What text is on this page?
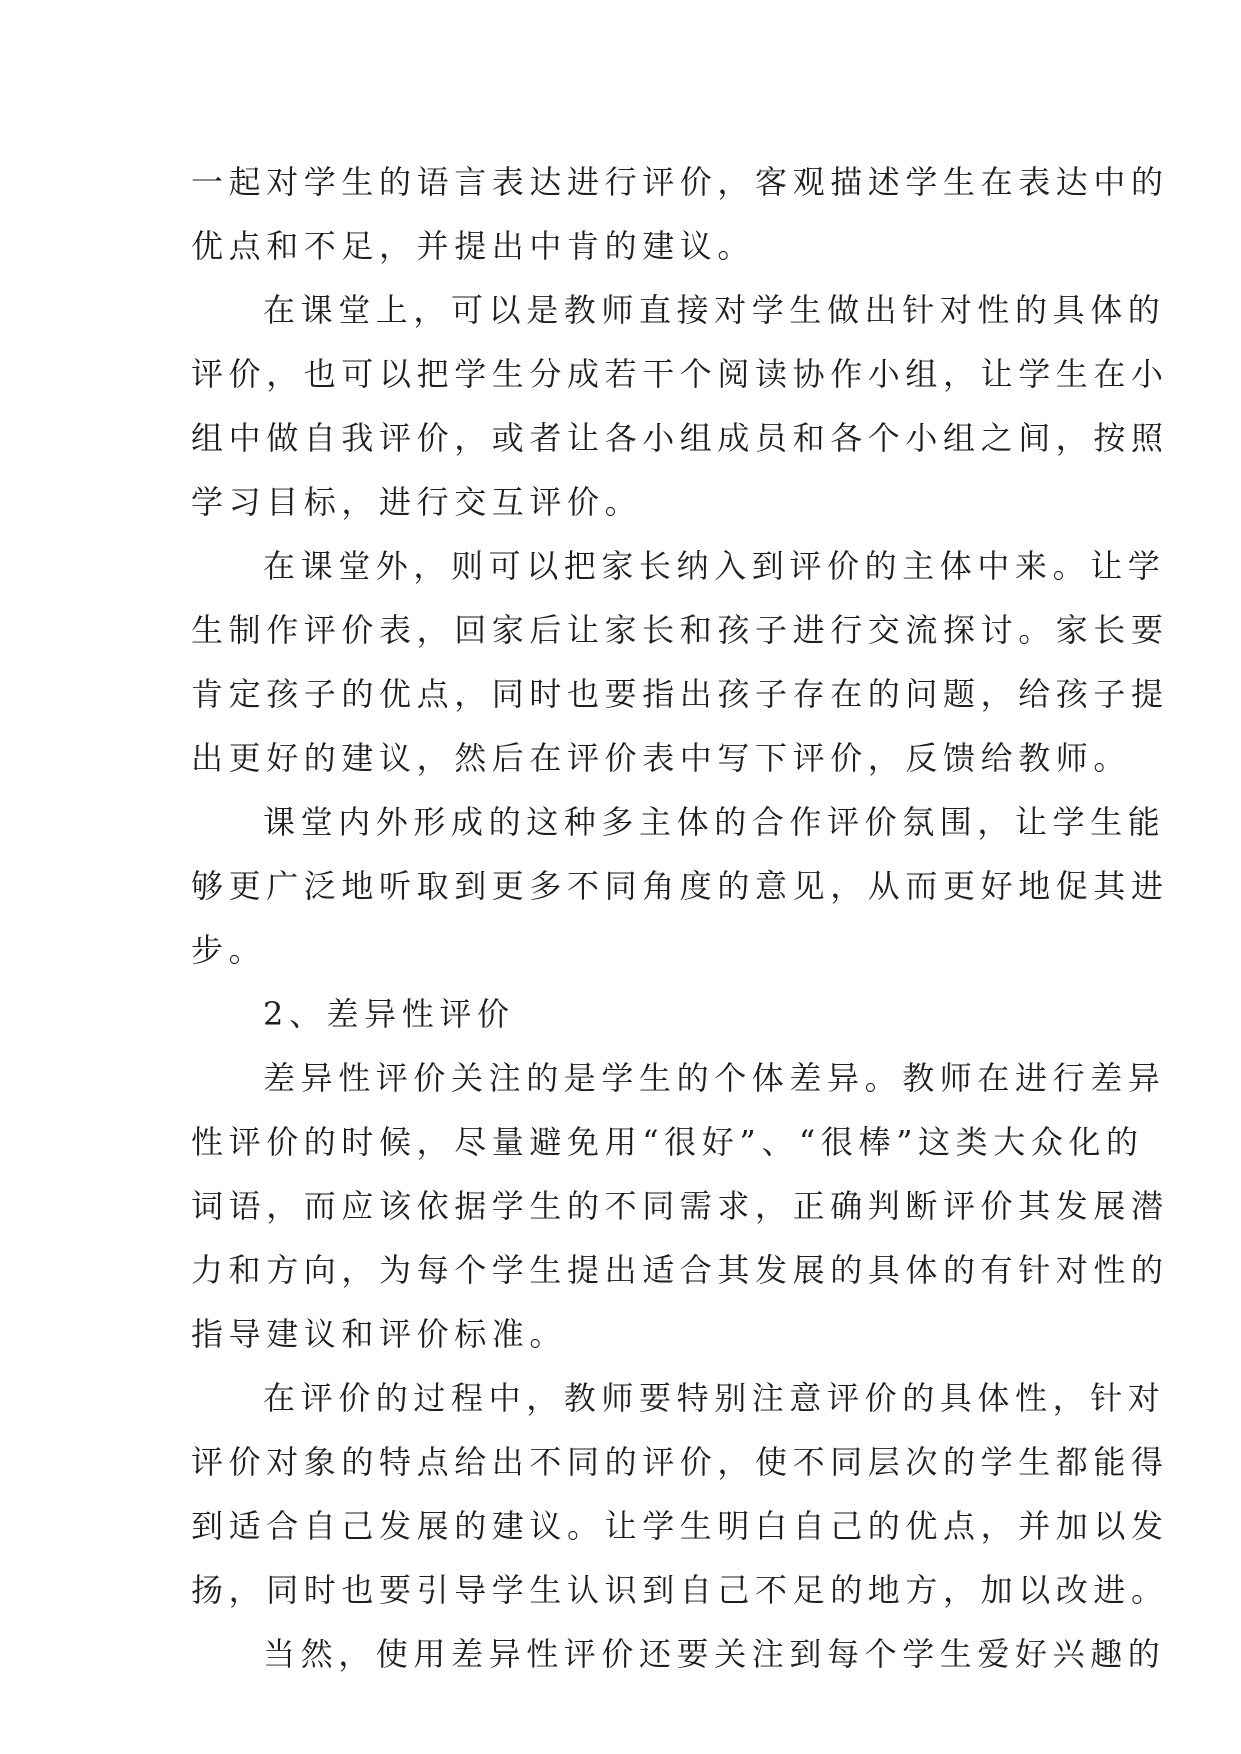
一起对学生的语言表达进行评价，客观描述学生在表达中的
优点和不足，并提出中肯的建议。
在课堂上，可以是教师直接对学生做出针对性的具体的
评价，也可以把学生分成若干个阅读协作小组，让学生在小
组中做自我评价，或者让各小组成员和各个小组之间，按照
学习目标，进行交互评价。
在课堂外，则可以把家长纳入到评价的主体中来。让学
生制作评价表，回家后让家长和孩子进行交流探讨。家长要
肯定孩子的优点，同时也要指出孩子存在的问题，给孩子提
出更好的建议，然后在评价表中写下评价，反馈给教师。
课堂内外形成的这种多主体的合作评价氛围，让学生能
够更广泛地听取到更多不同角度的意见，从而更好地促其进
步。
2、差异性评价
差异性评价关注的是学生的个体差异。教师在进行差异
性评价的时候，尽量避免用“很好”、“很棒”这类大众化的
词语，而应该依据学生的不同需求，正确判断评价其发展潜
力和方向，为每个学生提出适合其发展的具体的有针对性的
指导建议和评价标准。
在评价的过程中，教师要特别注意评价的具体性，针对
评价对象的特点给出不同的评价，使不同层次的学生都能得
到适合自己发展的建议。让学生明白自己的优点，并加以发
扬，同时也要引导学生认识到自己不足的地方，加以改进。
当然，使用差异性评价还要关注到每个学生爱好兴趣的
